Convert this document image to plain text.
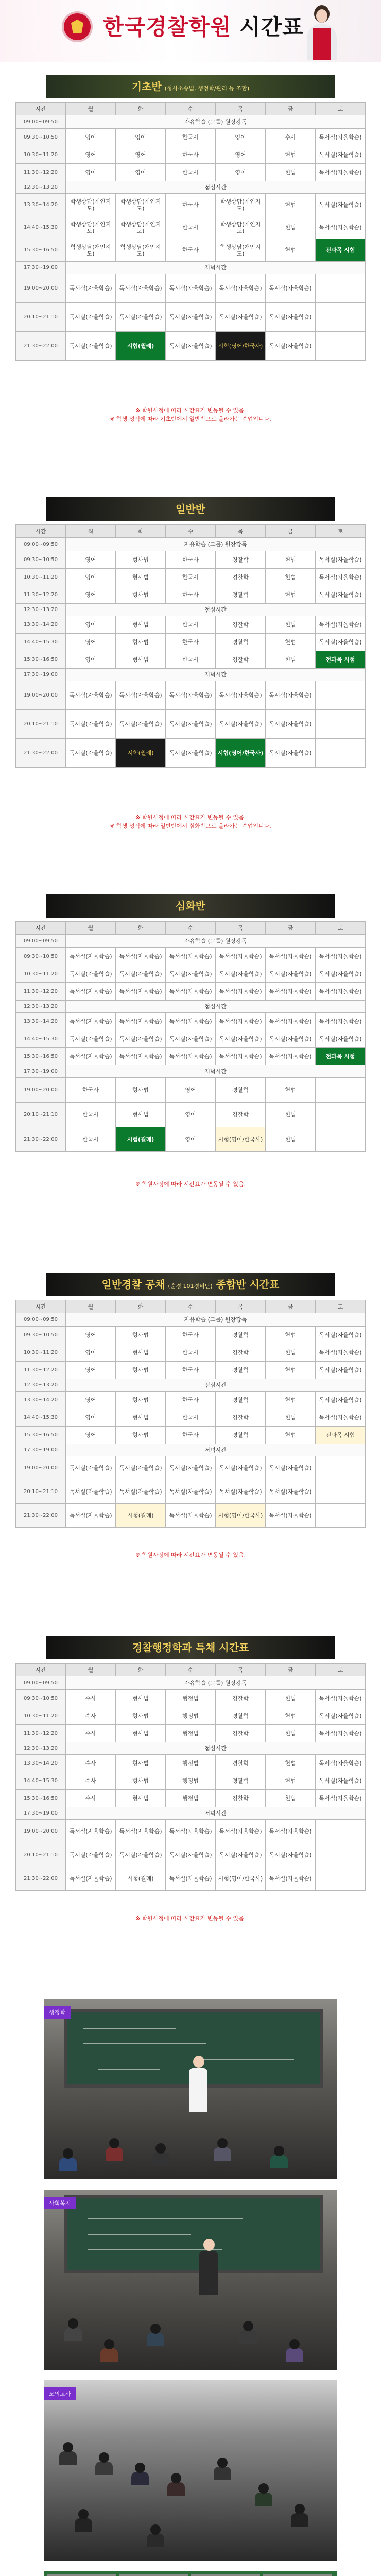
한국경찰학원 시간표
기초반 (형사소송법, 행정학/관리 등 조합)
시간	월	화	수	목	금	토
09:00~09:50	자유학습 (그룹) 원장강독					
09:30~10:50	영어	영어	한국사	영어	수사	독서실(자율학습)
10:30~11:20	영어	영어	한국사	영어	헌법	독서실(자율학습)
11:30~12:20	영어	영어	한국사	영어	헌법	독서실(자율학습)
12:30~13:20	점심시간					
13:30~14:20	학생상담(개인지도)	학생상담(개인지도)	한국사	학생상담(개인지도)	헌법	독서실(자율학습)
14:40~15:30	학생상담(개인지도)	학생상담(개인지도)	한국사	학생상담(개인지도)	헌법	독서실(자율학습)
15:30~16:50	학생상담(개인지도)	학생상담(개인지도)	한국사	학생상담(개인지도)	헌법	전과목 시험
17:30~19:00	저녁시간					
19:00~20:00	독서실(자율학습)	독서실(자율학습)	독서실(자율학습)	독서실(자율학습)	독서실(자율학습)	
20:10~21:10	독서실(자율학습)	독서실(자율학습)	독서실(자율학습)	독서실(자율학습)	독서실(자율학습)	
21:30~22:00	독서실(자율학습)	시험(월례)	독서실(자율학습)	시험(영어/한국사)	독서실(자율학습)	
※ 학원사정에 따라 시간표가 변동될 수 있음.
※ 학생 성적에 따라 기초반에서 일반반으로 올라가는 수업입니다.
일반반
시간	월	화	수	목	금	토
09:00~09:50	자유학습 (그룹) 원장강독					
09:30~10:50	영어	형사법	한국사	경찰학	헌법	독서실(자율학습)
10:30~11:20	영어	형사법	한국사	경찰학	헌법	독서실(자율학습)
11:30~12:20	영어	형사법	한국사	경찰학	헌법	독서실(자율학습)
12:30~13:20	점심시간					
13:30~14:20	영어	형사법	한국사	경찰학	헌법	독서실(자율학습)
14:40~15:30	영어	형사법	한국사	경찰학	헌법	독서실(자율학습)
15:30~16:50	영어	형사법	한국사	경찰학	헌법	전과목 시험
17:30~19:00	저녁시간					
19:00~20:00	독서실(자율학습)	독서실(자율학습)	독서실(자율학습)	독서실(자율학습)	독서실(자율학습)	
20:10~21:10	독서실(자율학습)	독서실(자율학습)	독서실(자율학습)	독서실(자율학습)	독서실(자율학습)	
21:30~22:00	독서실(자율학습)	시험(월례)	독서실(자율학습)	시험(영어/한국사)	독서실(자율학습)	
※ 학원사정에 따라 시간표가 변동될 수 있음.
※ 학생 성적에 따라 일반반에서 심화반으로 올라가는 수업입니다.
심화반
시간	월	화	수	목	금	토
09:00~09:50	자유학습 (그룹) 원장강독					
09:30~10:50	독서실(자율학습)	독서실(자율학습)	독서실(자율학습)	독서실(자율학습)	독서실(자율학습)	독서실(자율학습)
10:30~11:20	독서실(자율학습)	독서실(자율학습)	독서실(자율학습)	독서실(자율학습)	독서실(자율학습)	독서실(자율학습)
11:30~12:20	독서실(자율학습)	독서실(자율학습)	독서실(자율학습)	독서실(자율학습)	독서실(자율학습)	독서실(자율학습)
12:30~13:20	점심시간					
13:30~14:20	독서실(자율학습)	독서실(자율학습)	독서실(자율학습)	독서실(자율학습)	독서실(자율학습)	독서실(자율학습)
14:40~15:30	독서실(자율학습)	독서실(자율학습)	독서실(자율학습)	독서실(자율학습)	독서실(자율학습)	독서실(자율학습)
15:30~16:50	독서실(자율학습)	독서실(자율학습)	독서실(자율학습)	독서실(자율학습)	독서실(자율학습)	전과목 시험
17:30~19:00	저녁시간					
19:00~20:00	한국사	형사법	영어	경찰학	헌법	
20:10~21:10	한국사	형사법	영어	경찰학	헌법	
21:30~22:00	한국사	시험(월례)	영어	시험(영어/한국사)	헌법	
※ 학원사정에 따라 시간표가 변동될 수 있음.
일반경찰 공채 (순경 101경비단) 종합반 시간표
시간	월	화	수	목	금	토
09:00~09:50	자유학습 (그룹) 원장강독					
09:30~10:50	영어	형사법	한국사	경찰학	헌법	독서실(자율학습)
10:30~11:20	영어	형사법	한국사	경찰학	헌법	독서실(자율학습)
11:30~12:20	영어	형사법	한국사	경찰학	헌법	독서실(자율학습)
12:30~13:20	점심시간					
13:30~14:20	영어	형사법	한국사	경찰학	헌법	독서실(자율학습)
14:40~15:30	영어	형사법	한국사	경찰학	헌법	독서실(자율학습)
15:30~16:50	영어	형사법	한국사	경찰학	헌법	전과목 시험
17:30~19:00	저녁시간					
19:00~20:00	독서실(자율학습)	독서실(자율학습)	독서실(자율학습)	독서실(자율학습)	독서실(자율학습)	
20:10~21:10	독서실(자율학습)	독서실(자율학습)	독서실(자율학습)	독서실(자율학습)	독서실(자율학습)	
21:30~22:00	독서실(자율학습)	시험(월례)	독서실(자율학습)	시험(영어/한국사)	독서실(자율학습)	
※ 학원사정에 따라 시간표가 변동될 수 있음.
경찰행정학과 특채 시간표
시간	월	화	수	목	금	토
09:00~09:50	자유학습 (그룹) 원장강독					
09:30~10:50	수사	형사법	행정법	경찰학	헌법	독서실(자율학습)
10:30~11:20	수사	형사법	행정법	경찰학	헌법	독서실(자율학습)
11:30~12:20	수사	형사법	행정법	경찰학	헌법	독서실(자율학습)
12:30~13:20	점심시간					
13:30~14:20	수사	형사법	행정법	경찰학	헌법	독서실(자율학습)
14:40~15:30	수사	형사법	행정법	경찰학	헌법	독서실(자율학습)
15:30~16:50	수사	형사법	행정법	경찰학	헌법	독서실(자율학습)
17:30~19:00	저녁시간					
19:00~20:00	독서실(자율학습)	독서실(자율학습)	독서실(자율학습)	독서실(자율학습)	독서실(자율학습)	
20:10~21:10	독서실(자율학습)	독서실(자율학습)	독서실(자율학습)	독서실(자율학습)	독서실(자율학습)	
21:30~22:00	독서실(자율학습)	시험(월례)	독서실(자율학습)	시험(영어/한국사)	독서실(자율학습)	
※ 학원사정에 따라 시간표가 변동될 수 있음.
행정학
사회복지
모의고사
